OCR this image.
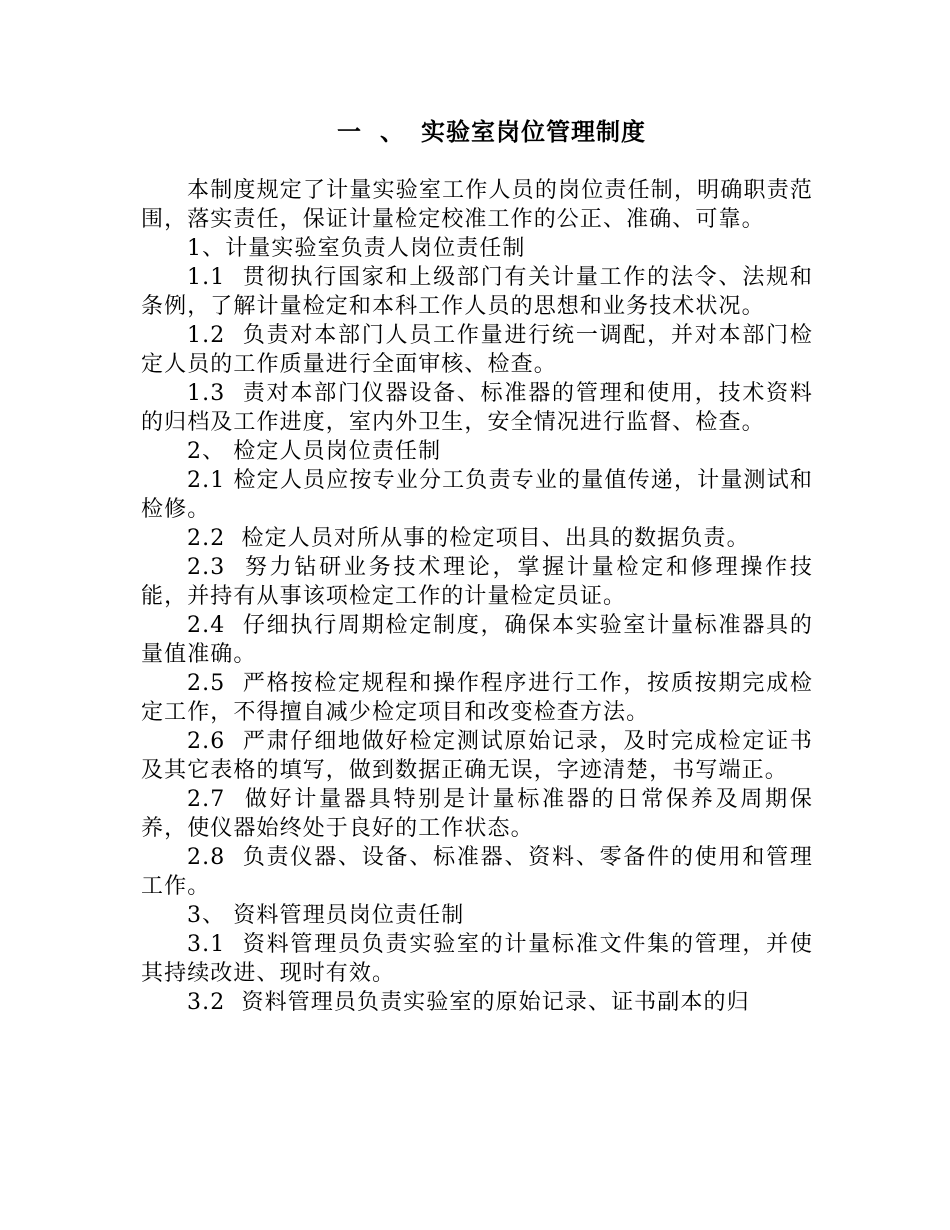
一 、 实验室岗位管理制度

本制度规定了计量实验室工作人员的岗位责任制，明确职责范围，落实责任，保证计量检定校准工作的公正、准确、可靠。

1、计量实验室负责人岗位责任制

1.1  贯彻执行国家和上级部门有关计量工作的法令、法规和条例，了解计量检定和本科工作人员的思想和业务技术状况。

1.2  负责对本部门人员工作量进行统一调配，并对本部门检定人员的工作质量进行全面审核、检查。

1.3  责对本部门仪器设备、标准器的管理和使用，技术资料的归档及工作进度，室内外卫生，安全情况进行监督、检查。

2、 检定人员岗位责任制

2.1 检定人员应按专业分工负责专业的量值传递，计量测试和检修。

2.2  检定人员对所从事的检定项目、出具的数据负责。

2.3  努力钻研业务技术理论，掌握计量检定和修理操作技能，并持有从事该项检定工作的计量检定员证。

2.4  仔细执行周期检定制度，确保本实验室计量标准器具的量值准确。

2.5  严格按检定规程和操作程序进行工作，按质按期完成检定工作，不得擅自减少检定项目和改变检查方法。

2.6  严肃仔细地做好检定测试原始记录，及时完成检定证书及其它表格的填写，做到数据正确无误，字迹清楚，书写端正。

2.7  做好计量器具特别是计量标准器的日常保养及周期保养，使仪器始终处于良好的工作状态。

2.8  负责仪器、设备、标准器、资料、零备件的使用和管理工作。

3、 资料管理员岗位责任制

3.1  资料管理员负责实验室的计量标准文件集的管理，并使其持续改进、现时有效。

3.2  资料管理员负责实验室的原始记录、证书副本的归
